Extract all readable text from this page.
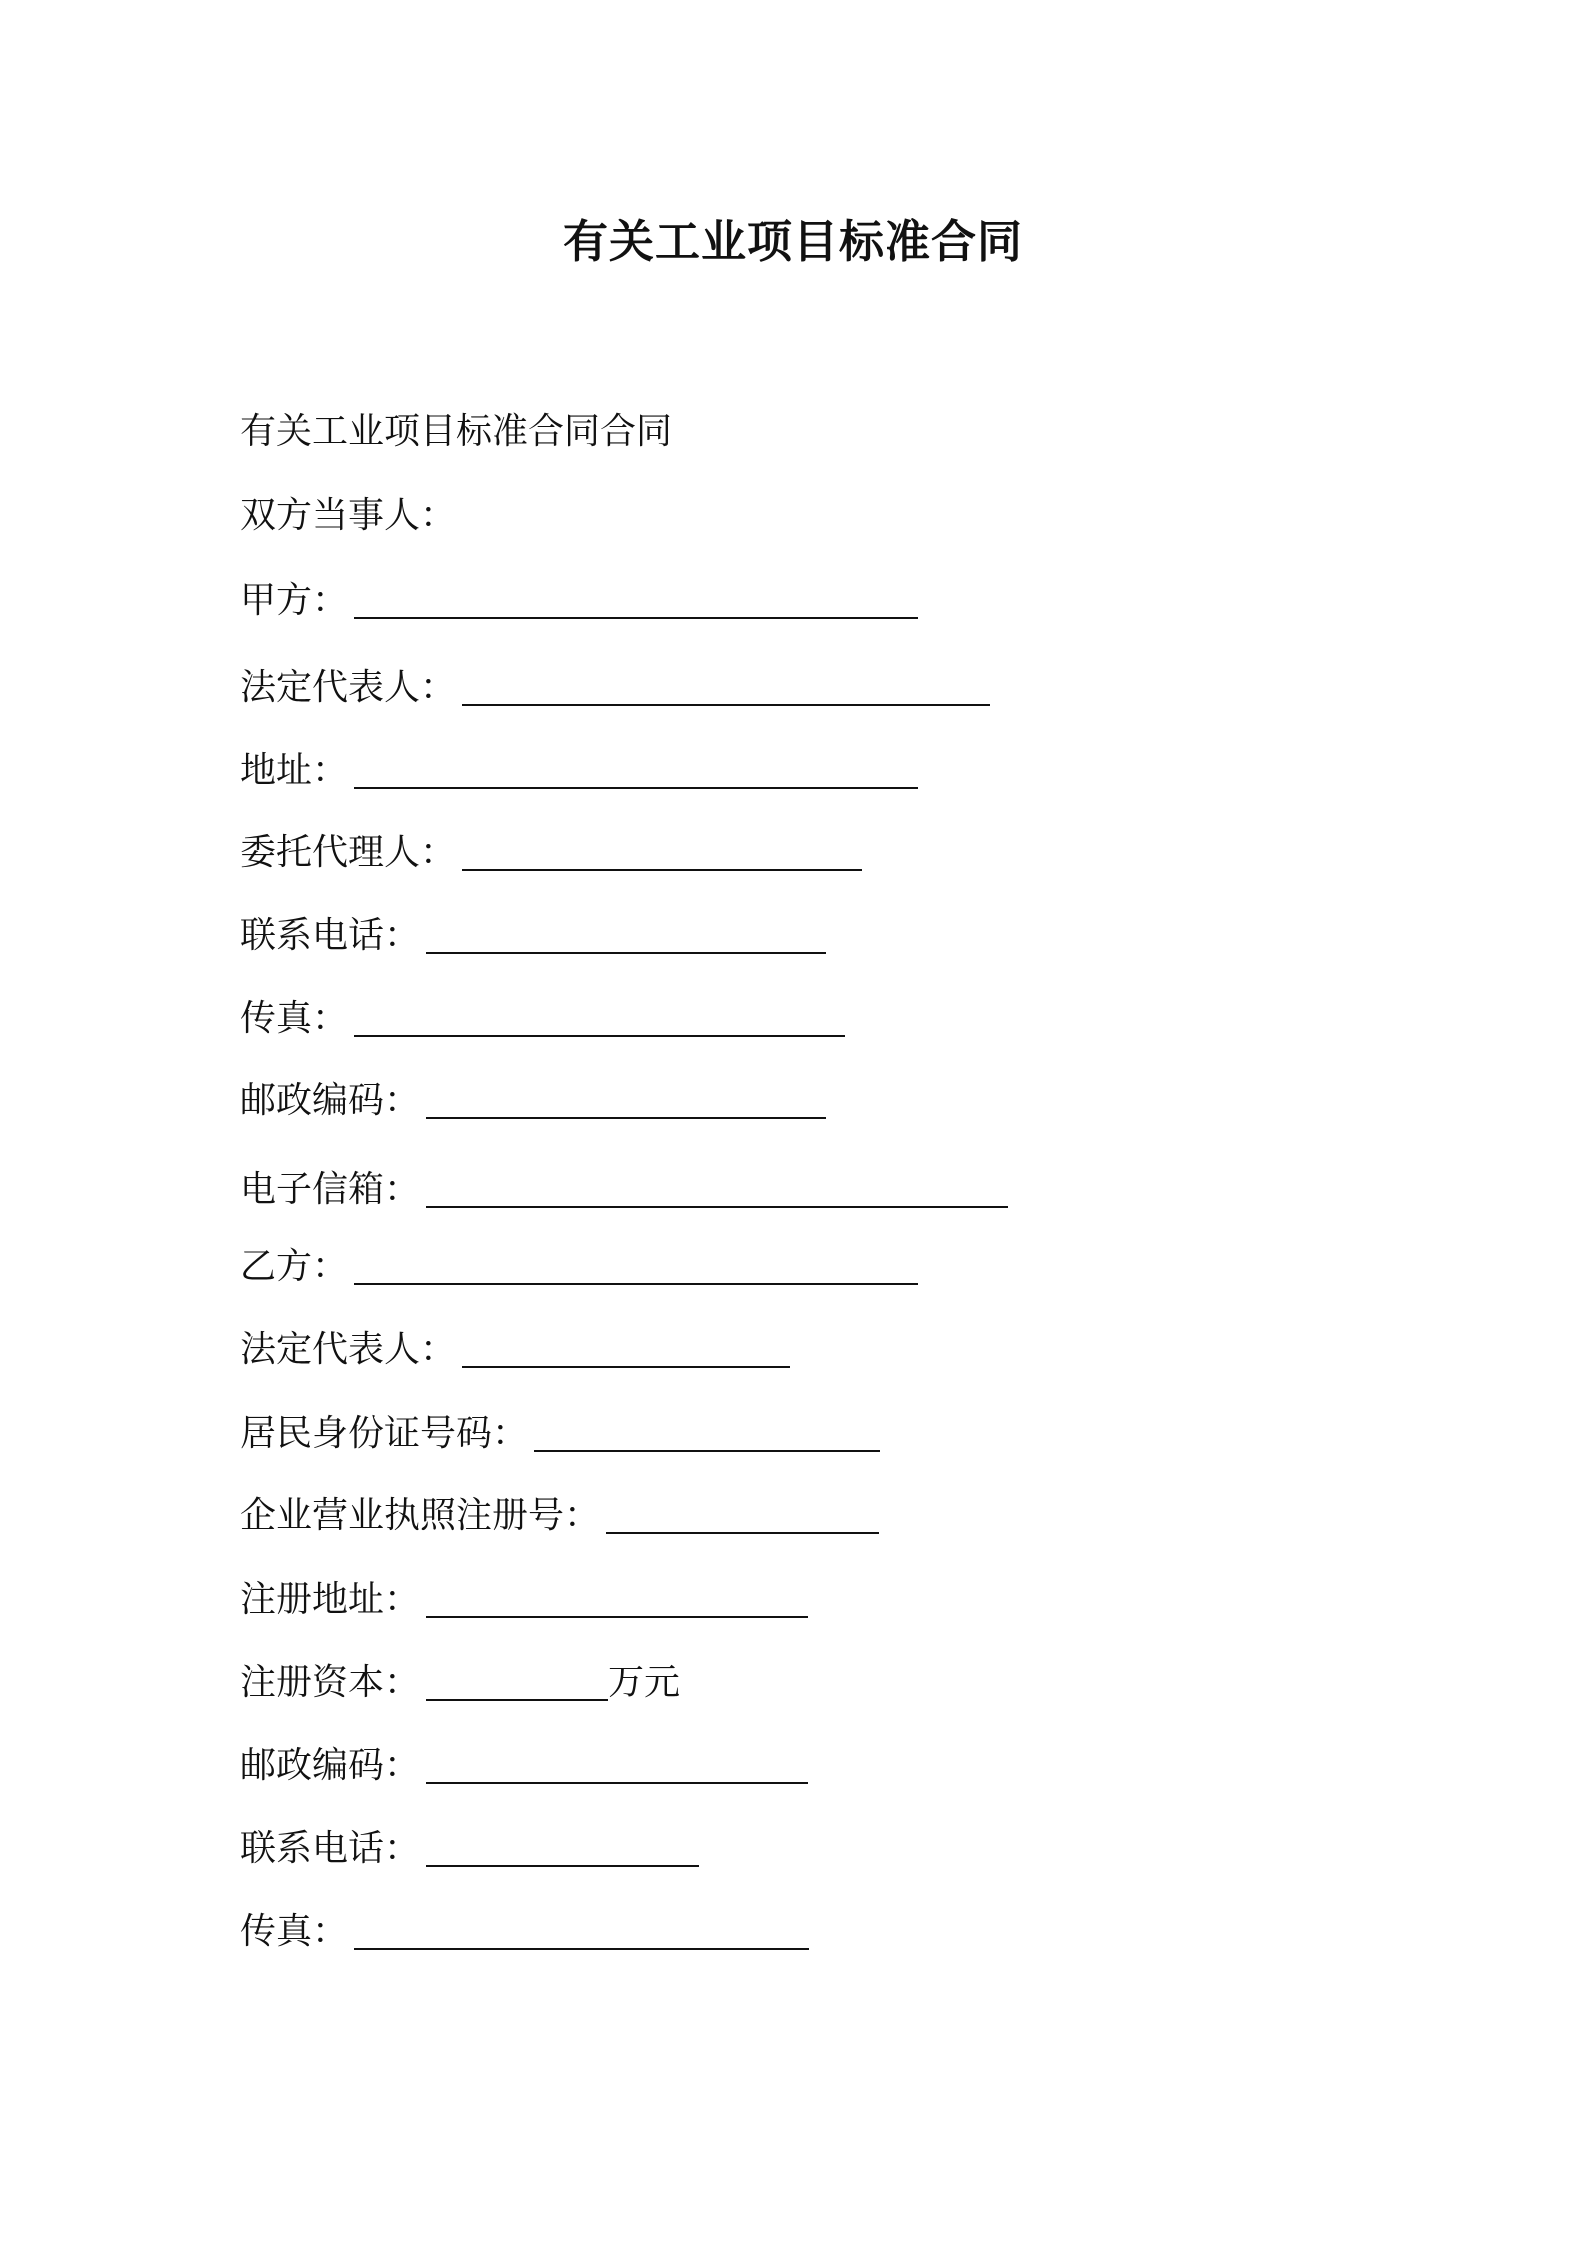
有关工业项目标准合同
有关工业项目标准合同合同
双方当事人：
甲方：
法定代表人：
地址：
委托代理人：
联系电话：
传真：
邮政编码：
电子信箱：
乙方：
法定代表人：
居民身份证号码：
企业营业执照注册号：
注册地址：
注册资本：	万元
邮政编码：
联系电话：
传真：
